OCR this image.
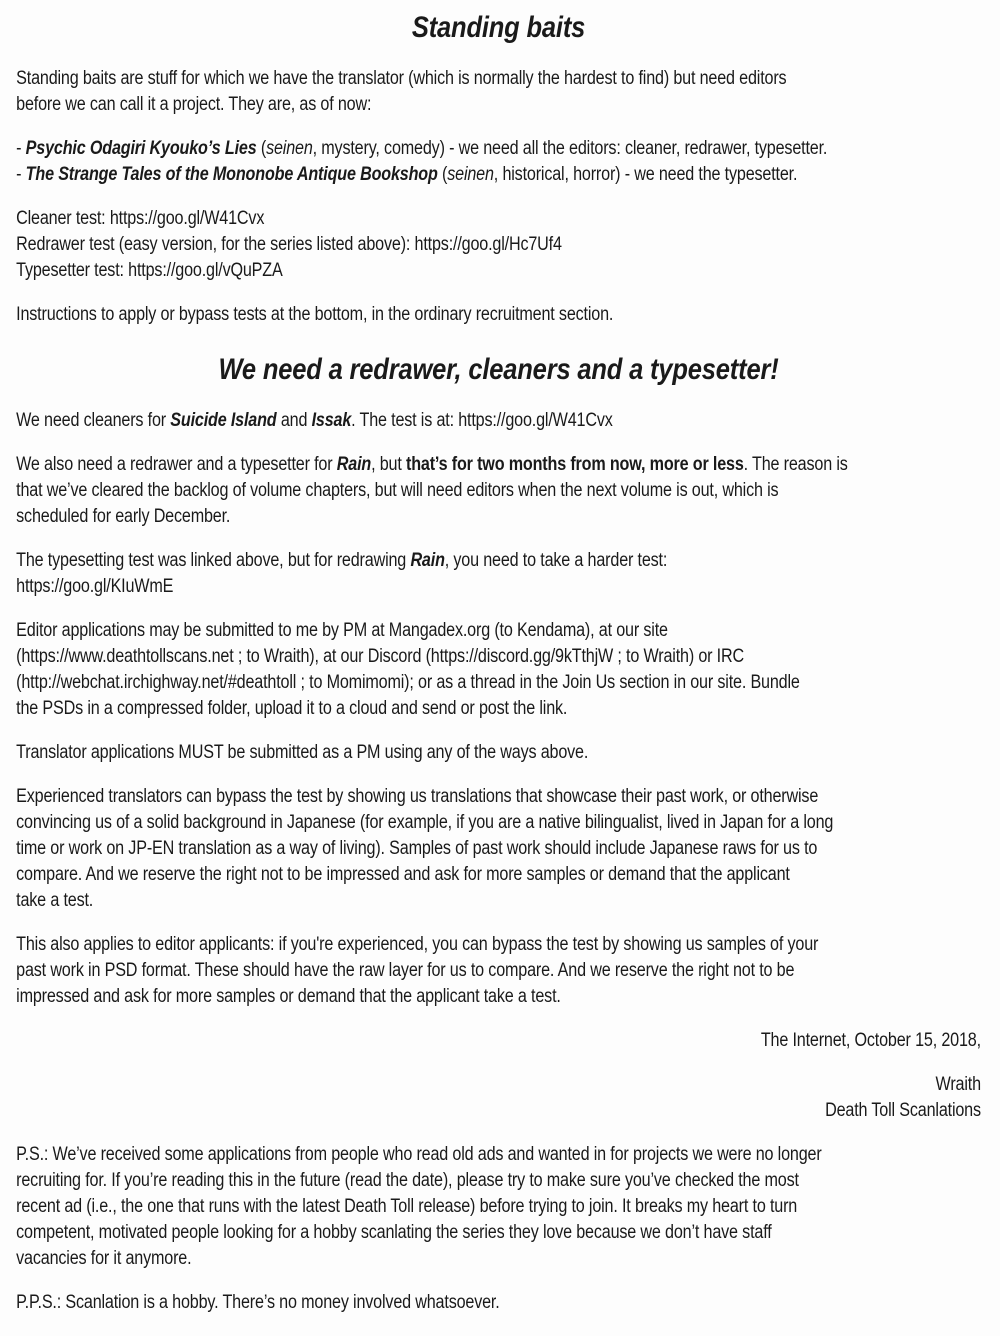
Standing baits

Standing baits are stuff for which we have the translator (which is normally the hardest to find) but need editors
before we can call it a project. They are, as of now:

- Psychic Odagiri Kyouko’s Lies (seinen, mystery, comedy) - we need all the editors: cleaner, redrawer, typesetter.
- The Strange Tales of the Mononobe Antique Bookshop (seinen, historical, horror) - we need the typesetter.

Cleaner test: https://goo.gl/W41Cvx
Redrawer test (easy version, for the series listed above): https://goo.gl/Hc7Uf4
Typesetter test: https://goo.gl/vQuPZA

Instructions to apply or bypass tests at the bottom, in the ordinary recruitment section.

We need a redrawer, cleaners and a typesetter!

We need cleaners for Suicide Island and Issak. The test is at: https://goo.gl/W41Cvx

We also need a redrawer and a typesetter for Rain, but that’s for two months from now, more or less. The reason is
that we’ve cleared the backlog of volume chapters, but will need editors when the next volume is out, which is
scheduled for early December.

The typesetting test was linked above, but for redrawing Rain, you need to take a harder test:
https://goo.gl/KIuWmE

Editor applications may be submitted to me by PM at Mangadex.org (to Kendama), at our site
(https://www.deathtollscans.net ; to Wraith), at our Discord (https://discord.gg/9kTthjW ; to Wraith) or IRC
(http://webchat.irchighway.net/#deathtoll ; to Momimomi); or as a thread in the Join Us section in our site. Bundle
the PSDs in a compressed folder, upload it to a cloud and send or post the link.

Translator applications MUST be submitted as a PM using any of the ways above.

Experienced translators can bypass the test by showing us translations that showcase their past work, or otherwise
convincing us of a solid background in Japanese (for example, if you are a native bilingualist, lived in Japan for a long
time or work on JP-EN translation as a way of living). Samples of past work should include Japanese raws for us to
compare. And we reserve the right not to be impressed and ask for more samples or demand that the applicant
take a test.

This also applies to editor applicants: if you're experienced, you can bypass the test by showing us samples of your
past work in PSD format. These should have the raw layer for us to compare. And we reserve the right not to be
impressed and ask for more samples or demand that the applicant take a test.

The Internet, October 15, 2018,

Wraith
Death Toll Scanlations

P.S.: We’ve received some applications from people who read old ads and wanted in for projects we were no longer
recruiting for. If you’re reading this in the future (read the date), please try to make sure you’ve checked the most
recent ad (i.e., the one that runs with the latest Death Toll release) before trying to join. It breaks my heart to turn
competent, motivated people looking for a hobby scanlating the series they love because we don’t have staff
vacancies for it anymore.

P.P.S.: Scanlation is a hobby. There’s no money involved whatsoever.
